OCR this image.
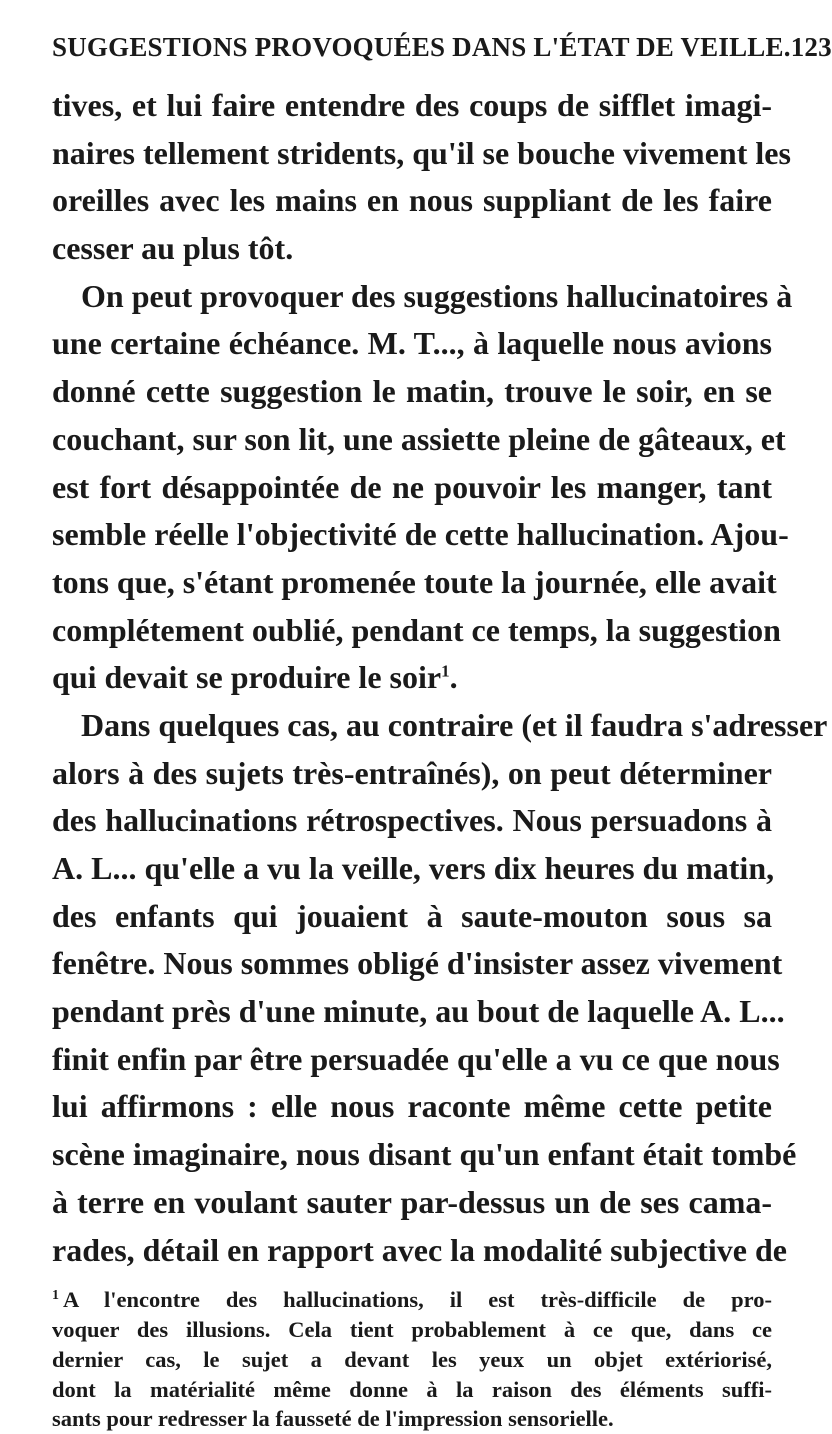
SUGGESTIONS PROVOQUÉES DANS L'ÉTAT DE VEILLE. 123
tives, et lui faire entendre des coups de sifflet imagi-
naires tellement stridents, qu'il se bouche vivement les
oreilles avec les mains en nous suppliant de les faire
cesser au plus tôt.
On peut provoquer des suggestions hallucinatoires à
une certaine échéance. M. T..., à laquelle nous avions
donné cette suggestion le matin, trouve le soir, en se
couchant, sur son lit, une assiette pleine de gâteaux, et
est fort désappointée de ne pouvoir les manger, tant
semble réelle l'objectivité de cette hallucination. Ajou-
tons que, s'étant promenée toute la journée, elle avait
complétement oublié, pendant ce temps, la suggestion
qui devait se produire le soir$^1$.
Dans quelques cas, au contraire (et il faudra s'adresser
alors à des sujets très-entraînés), on peut déterminer
des hallucinations rétrospectives. Nous persuadons à
A. L... qu'elle a vu la veille, vers dix heures du matin,
des enfants qui jouaient à saute-mouton sous sa
fenêtre. Nous sommes obligé d'insister assez vivement
pendant près d'une minute, au bout de laquelle A. L...
finit enfin par être persuadée qu'elle a vu ce que nous
lui affirmons : elle nous raconte même cette petite
scène imaginaire, nous disant qu'un enfant était tombé
à terre en voulant sauter par-dessus un de ses cama-
rades, détail en rapport avec la modalité subjective de
$^1$ A l'encontre des hallucinations, il est très-difficile de pro-
voquer des illusions. Cela tient probablement à ce que, dans ce
dernier cas, le sujet a devant les yeux un objet extériorisé,
dont la matérialité même donne à la raison des éléments suffi-
sants pour redresser la fausseté de l'impression sensorielle.
